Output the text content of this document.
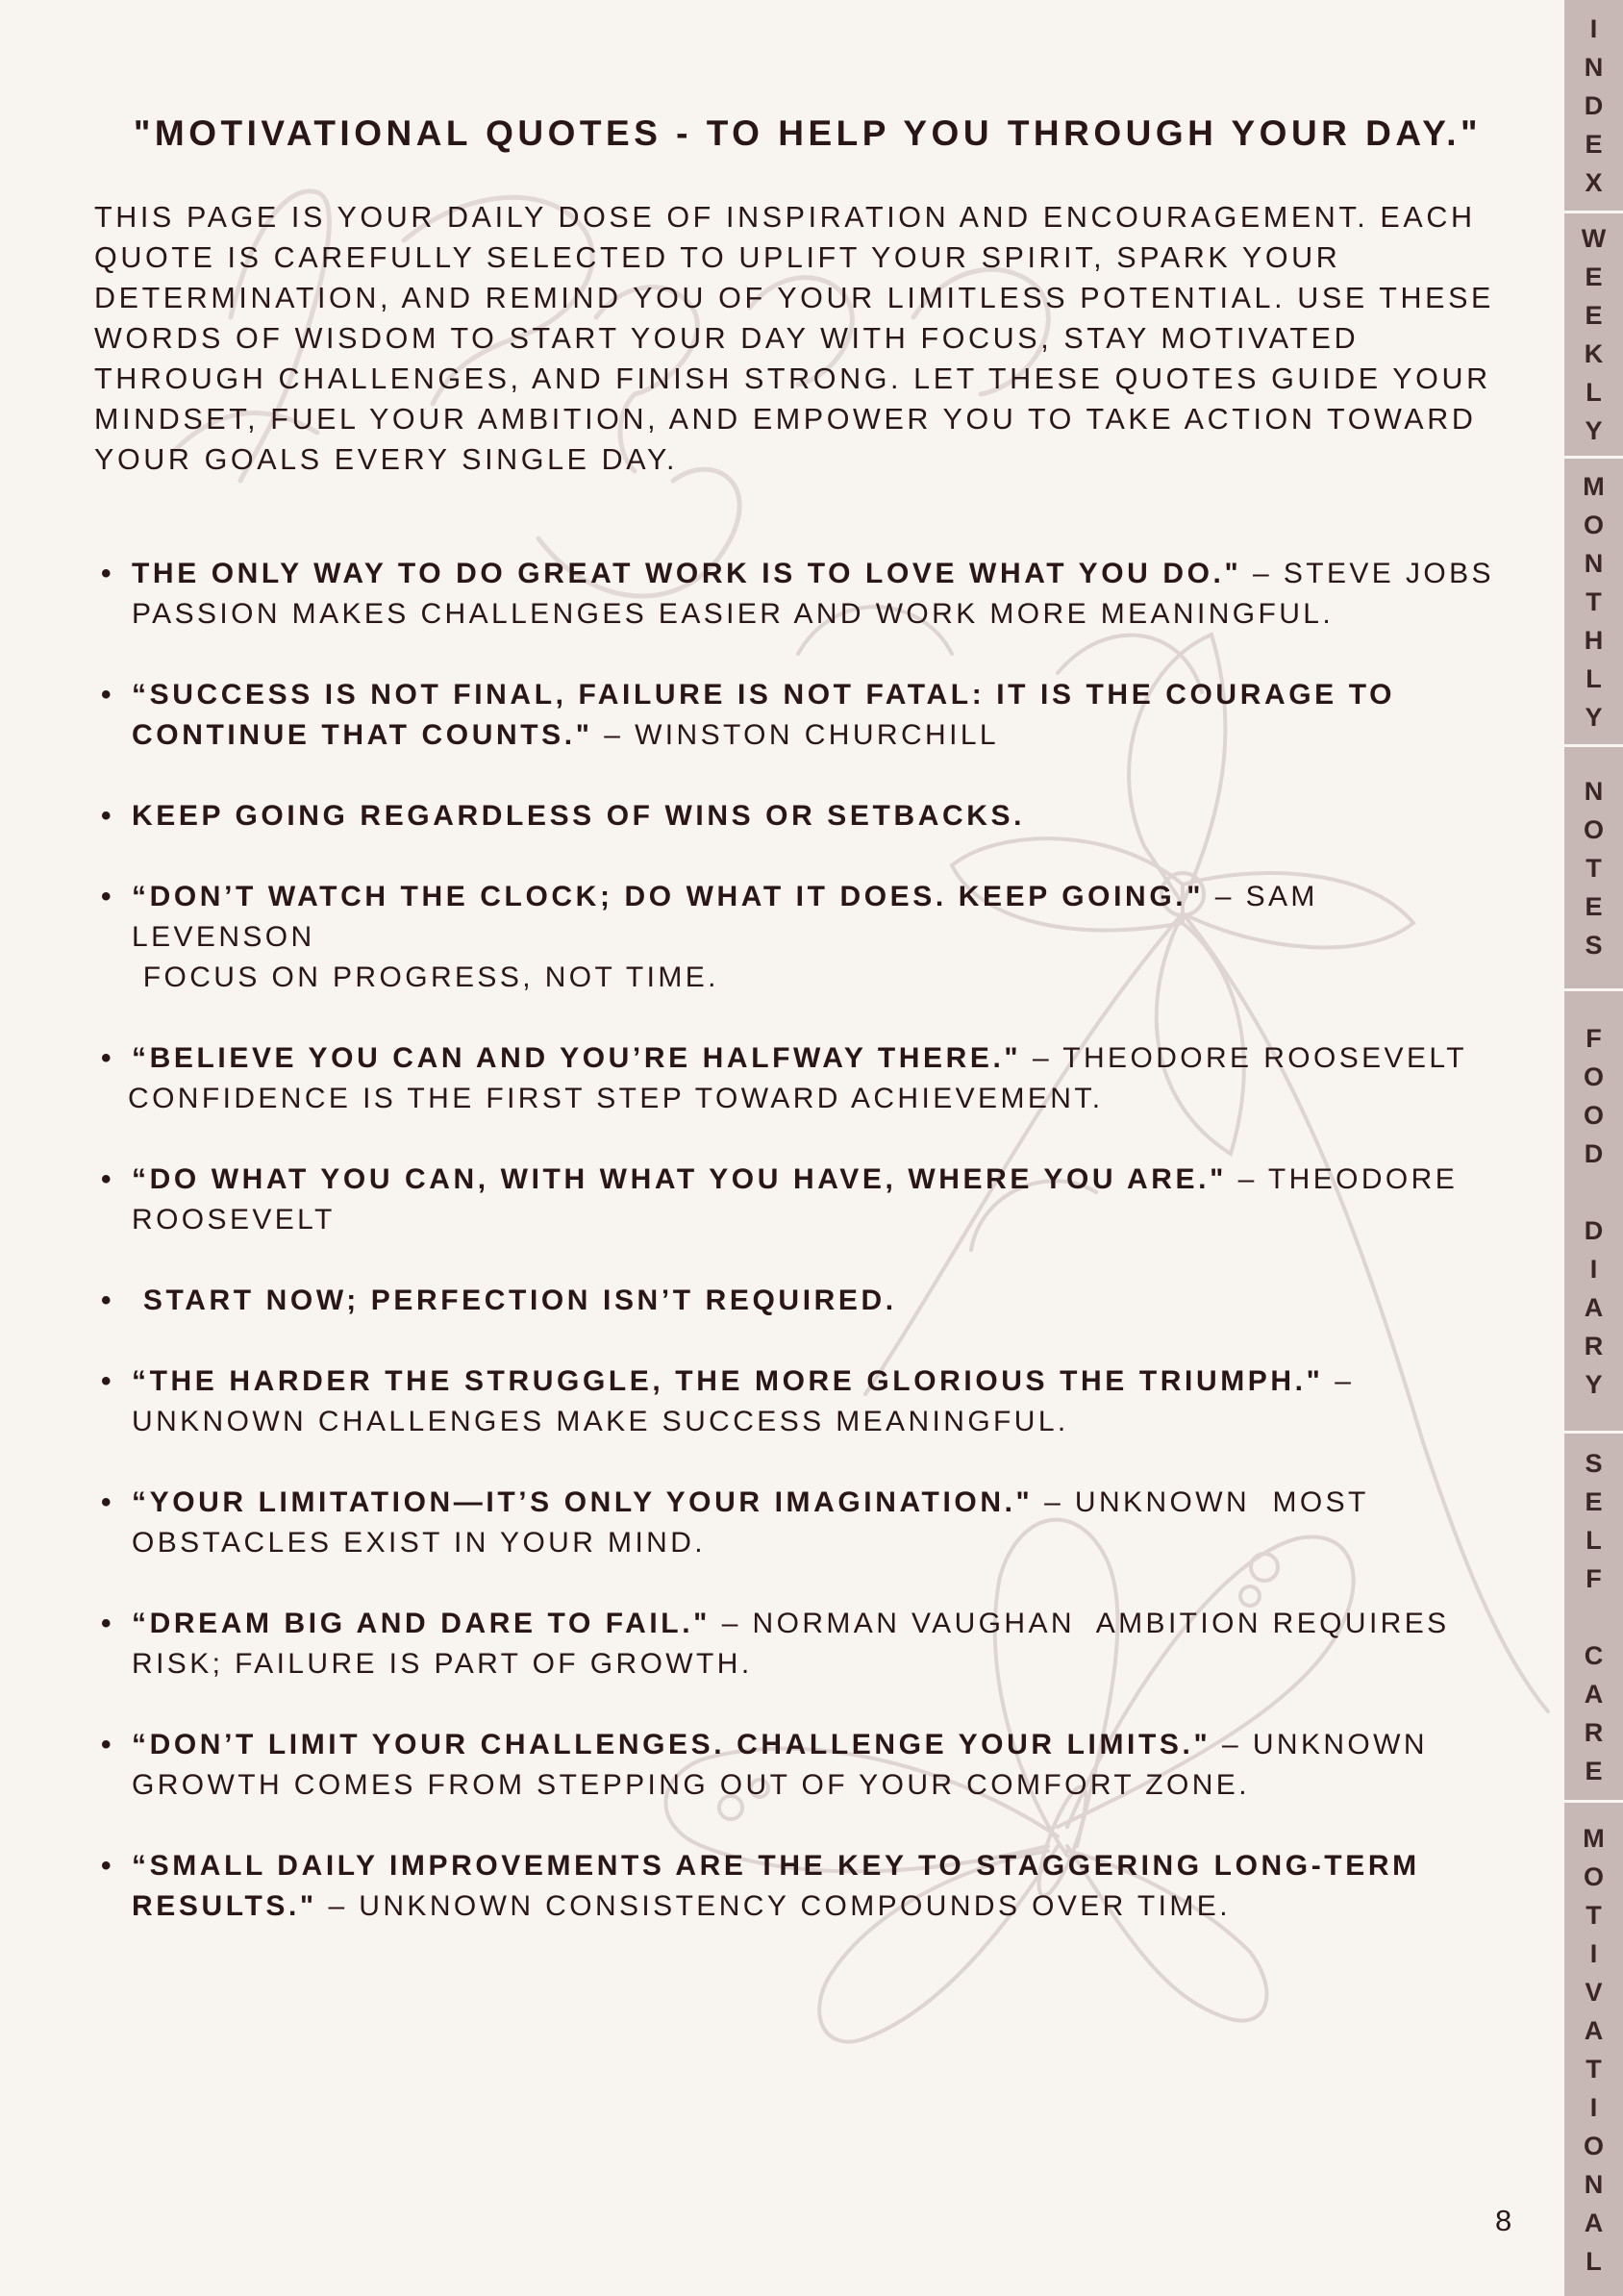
"MOTIVATIONAL QUOTES - TO HELP YOU THROUGH YOUR DAY."

THIS PAGE IS YOUR DAILY DOSE OF INSPIRATION AND ENCOURAGEMENT. EACH
QUOTE IS CAREFULLY SELECTED TO UPLIFT YOUR SPIRIT, SPARK YOUR
DETERMINATION, AND REMIND YOU OF YOUR LIMITLESS POTENTIAL. USE THESE
WORDS OF WISDOM TO START YOUR DAY WITH FOCUS, STAY MOTIVATED
THROUGH CHALLENGES, AND FINISH STRONG. LET THESE QUOTES GUIDE YOUR
MINDSET, FUEL YOUR AMBITION, AND EMPOWER YOU TO TAKE ACTION TOWARD
YOUR GOALS EVERY SINGLE DAY.

• THE ONLY WAY TO DO GREAT WORK IS TO LOVE WHAT YOU DO." – STEVE JOBS
PASSION MAKES CHALLENGES EASIER AND WORK MORE MEANINGFUL.
• “SUCCESS IS NOT FINAL, FAILURE IS NOT FATAL: IT IS THE COURAGE TO
CONTINUE THAT COUNTS." – WINSTON CHURCHILL
• KEEP GOING REGARDLESS OF WINS OR SETBACKS.
• “DON’T WATCH THE CLOCK; DO WHAT IT DOES. KEEP GOING." – SAM
LEVENSON
FOCUS ON PROGRESS, NOT TIME.
• “BELIEVE YOU CAN AND YOU’RE HALFWAY THERE." – THEODORE ROOSEVELT
CONFIDENCE IS THE FIRST STEP TOWARD ACHIEVEMENT.
• “DO WHAT YOU CAN, WITH WHAT YOU HAVE, WHERE YOU ARE." – THEODORE
ROOSEVELT
• START NOW; PERFECTION ISN’T REQUIRED.
• “THE HARDER THE STRUGGLE, THE MORE GLORIOUS THE TRIUMPH." –
UNKNOWN CHALLENGES MAKE SUCCESS MEANINGFUL.
• “YOUR LIMITATION—IT’S ONLY YOUR IMAGINATION." – UNKNOWN  MOST
OBSTACLES EXIST IN YOUR MIND.
• “DREAM BIG AND DARE TO FAIL." – NORMAN VAUGHAN  AMBITION REQUIRES
RISK; FAILURE IS PART OF GROWTH.
• “DON’T LIMIT YOUR CHALLENGES. CHALLENGE YOUR LIMITS." – UNKNOWN
GROWTH COMES FROM STEPPING OUT OF YOUR COMFORT ZONE.
• “SMALL DAILY IMPROVEMENTS ARE THE KEY TO STAGGERING LONG-TERM
RESULTS." – UNKNOWN CONSISTENCY COMPOUNDS OVER TIME.
8
I
N
D
E
X
W
E
E
K
L
Y
M
O
N
T
H
L
Y
N
O
T
E
S
F
O
O
D

D
I
A
R
Y
S
E
L
F

C
A
R
E
M
O
T
I
V
A
T
I
O
N
A
L
